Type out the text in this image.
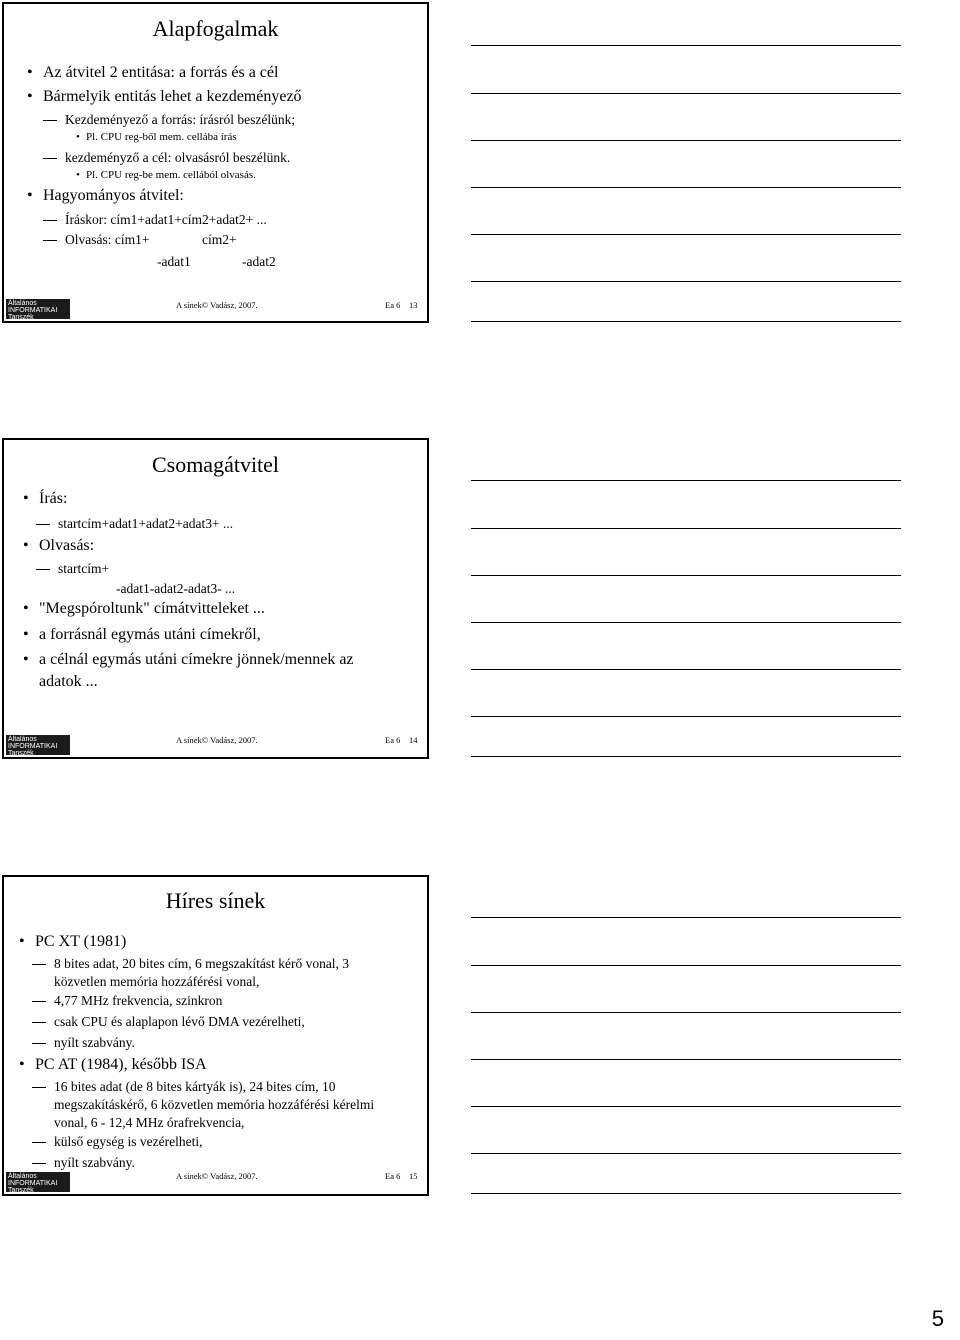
Alapfogalmak
• Az átvitel 2 entitása: a forrás és a cél
• Bármelyik entitás lehet a kezdeményező
Kezdeményező a forrás: írásról beszélünk;
• Pl. CPU reg-ből mem. cellába írás
kezdeményző a cél: olvasásról beszélünk.
• Pl. CPU reg-be mem. cellából olvasás.
• Hagyományos átvitel:
Íráskor: cím1+adat1+cím2+adat2+ ...
Olvasás: cím1+	cím2+
-adat1	-adat2
A sínek© Vadász, 2007.	Ea 6 13
Általános
INFORMATIKAI
Tanszék
Csomagátvitel
• Írás:
startcím+adat1+adat2+adat3+ ...
• Olvasás:
startcím+
-adat1-adat2-adat3- ...
• "Megspóroltunk" címátvitteleket ...
• a forrásnál egymás utáni címekről,
• a célnál egymás utáni címekre jönnek/mennek az
adatok ...
A sínek© Vadász, 2007.	Ea 6 14
Általános
INFORMATIKAI
Tanszék
Híres sínek
• PC XT (1981)
8 bites adat, 20 bites cím, 6 megszakítást kérő vonal, 3
közvetlen memória hozzáférési vonal,
4,77 MHz frekvencia, szinkron
csak CPU és alaplapon lévő DMA vezérelheti,
nyílt szabvány.
• PC AT (1984), később ISA
16 bites adat (de 8 bites kártyák is), 24 bites cím, 10
megszakításkérő, 6 közvetlen memória hozzáférési kérelmi
vonal, 6 - 12,4 MHz órafrekvencia,
külső egység is vezérelheti,
nyílt szabvány.
A sínek© Vadász, 2007.	Ea 6 15
Általános
INFORMATIKAI
Tanszék
5
